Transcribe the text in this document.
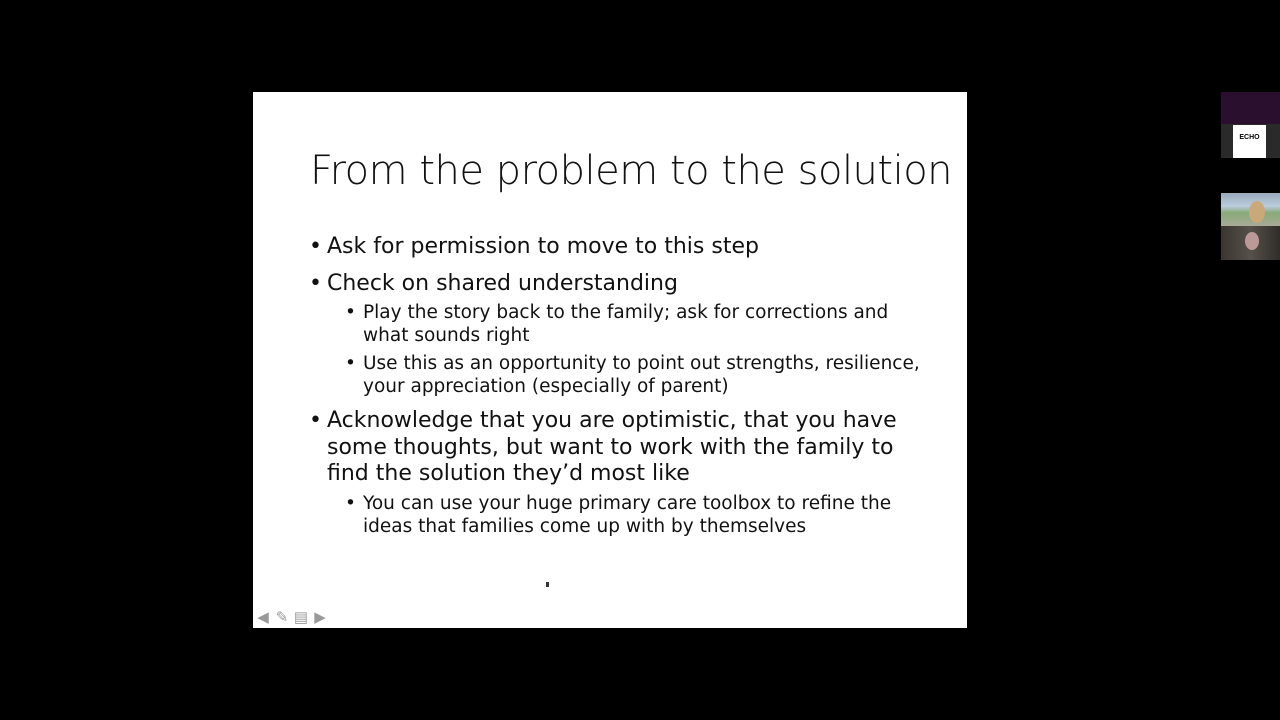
From the problem to the solution
• Ask for permission to move to this step
• Check on shared understanding
• Play the story back to the family; ask for corrections and what sounds right
• Use this as an opportunity to point out strengths, resilience, your appreciation (especially of parent)
• Acknowledge that you are optimistic, that you have some thoughts, but want to work with the family to find the solution they’d most like
• You can use your huge primary care toolbox to refine the ideas that families come up with by themselves
◀ ✎ ▤ ▶
ECHO
